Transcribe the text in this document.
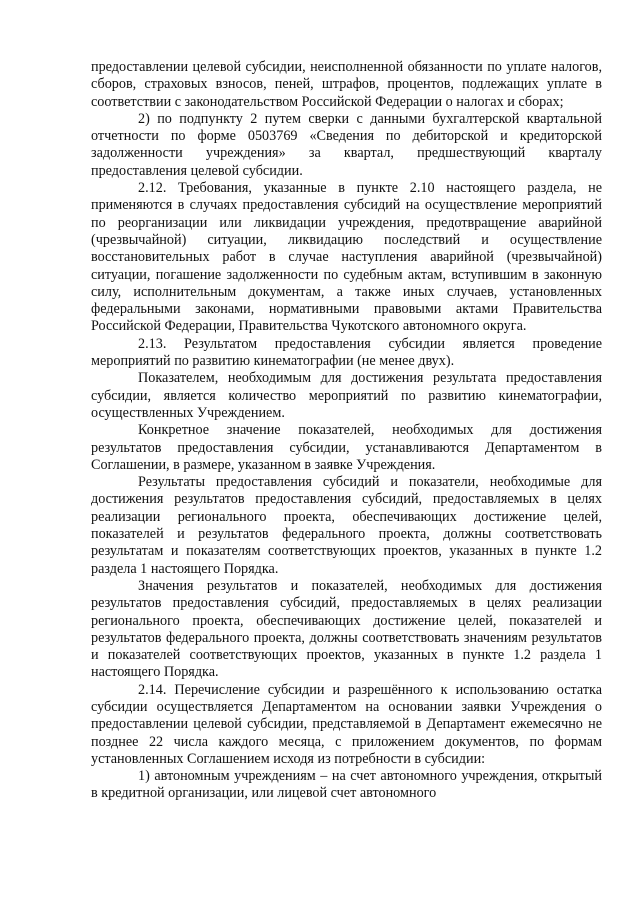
предоставлении целевой субсидии, неисполненной обязанности по уплате налогов, сборов, страховых взносов, пеней, штрафов, процентов, подлежащих уплате в соответствии с законодательством Российской Федерации о налогах и сборах;

2) по подпункту 2 путем сверки с данными бухгалтерской квартальной отчетности по форме 0503769 «Сведения по дебиторской и кредиторской задолженности учреждения» за квартал, предшествующий кварталу предоставления целевой субсидии.

2.12. Требования, указанные в пункте 2.10 настоящего раздела, не применяются в случаях предоставления субсидий на осуществление мероприятий по реорганизации или ликвидации учреждения, предотвращение аварийной (чрезвычайной) ситуации, ликвидацию последствий и осуществление восстановительных работ в случае наступления аварийной (чрезвычайной) ситуации, погашение задолженности по судебным актам, вступившим в законную силу, исполнительным документам, а также иных случаев, установленных федеральными законами, нормативными правовыми актами Правительства Российской Федерации, Правительства Чукотского автономного округа.

2.13. Результатом предоставления субсидии является проведение мероприятий по развитию кинематографии (не менее двух).

Показателем, необходимым для достижения результата предоставления субсидии, является количество мероприятий по развитию кинематографии, осуществленных Учреждением.

Конкретное значение показателей, необходимых для достижения результатов предоставления субсидии, устанавливаются Департаментом в Соглашении, в размере, указанном в заявке Учреждения.

Результаты предоставления субсидий и показатели, необходимые для достижения результатов предоставления субсидий, предоставляемых в целях реализации регионального проекта, обеспечивающих достижение целей, показателей и результатов федерального проекта, должны соответствовать результатам и показателям соответствующих проектов, указанных в пункте 1.2 раздела 1 настоящего Порядка.

Значения результатов и показателей, необходимых для достижения результатов предоставления субсидий, предоставляемых в целях реализации регионального проекта, обеспечивающих достижение целей, показателей и результатов федерального проекта, должны соответствовать значениям результатов и показателей соответствующих проектов, указанных в пункте 1.2 раздела 1 настоящего Порядка.

2.14. Перечисление субсидии и разрешённого к использованию остатка субсидии осуществляется Департаментом на основании заявки Учреждения о предоставлении целевой субсидии, представляемой в Департамент ежемесячно не позднее 22 числа каждого месяца, с приложением документов, по формам установленных Соглашением исходя из потребности в субсидии:

1) автономным учреждениям – на счет автономного учреждения, открытый в кредитной организации, или лицевой счет автономного
